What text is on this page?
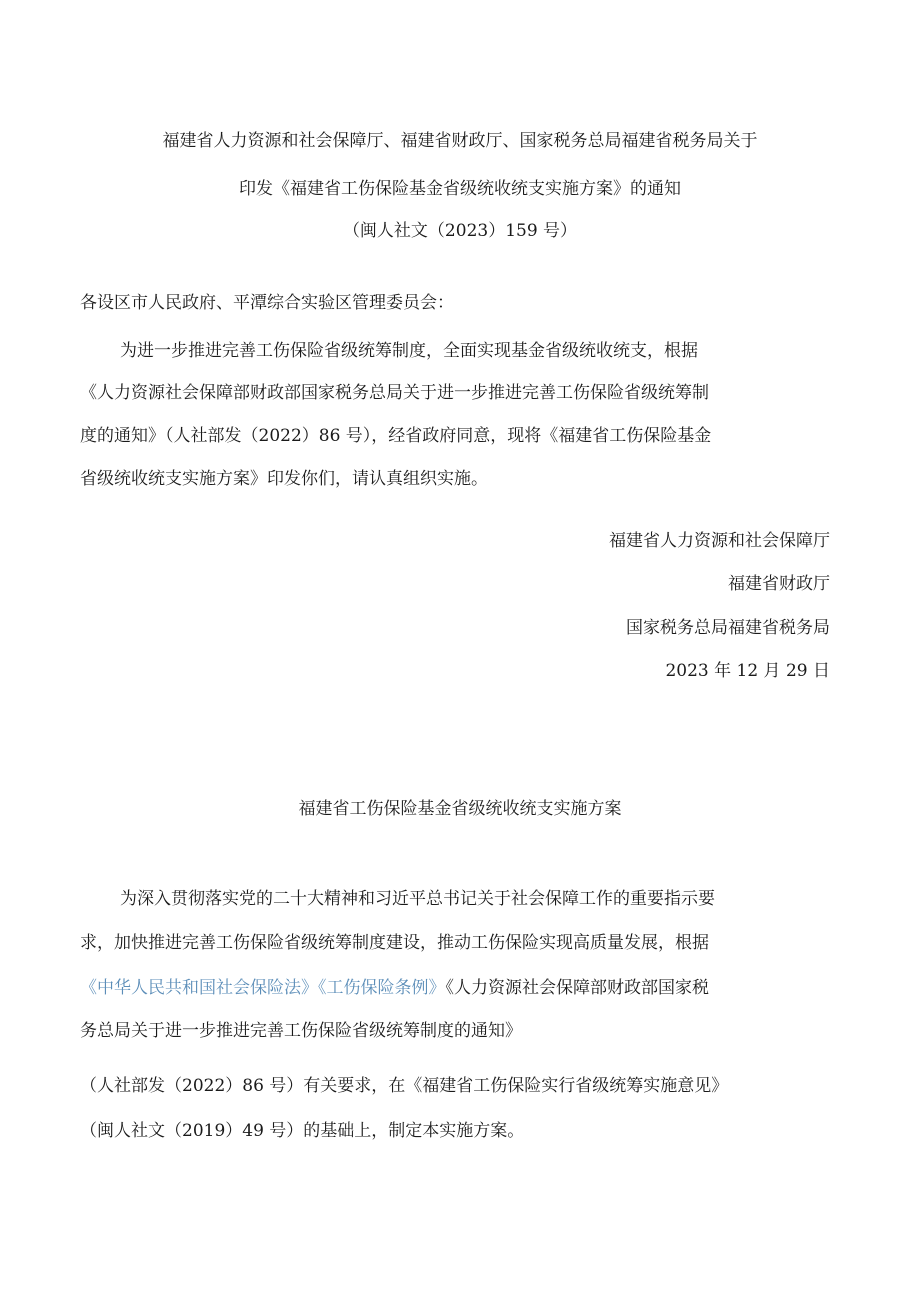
福建省人力资源和社会保障厅、福建省财政厅、国家税务总局福建省税务局关于
印发《福建省工伤保险基金省级统收统支实施方案》的通知
（闽人社文（2023）159 号）
各设区市人民政府、平潭综合实验区管理委员会：
为进一步推进完善工伤保险省级统筹制度，全面实现基金省级统收统支，根据
《人力资源社会保障部财政部国家税务总局关于进一步推进完善工伤保险省级统筹制
度的通知》（人社部发（2022）86 号），经省政府同意，现将《福建省工伤保险基金
省级统收统支实施方案》印发你们，请认真组织实施。
福建省人力资源和社会保障厅
福建省财政厅
国家税务总局福建省税务局
2023 年 12 月 29 日
福建省工伤保险基金省级统收统支实施方案
为深入贯彻落实党的二十大精神和习近平总书记关于社会保障工作的重要指示要
求，加快推进完善工伤保险省级统筹制度建设，推动工伤保险实现高质量发展，根据
《中华人民共和国社会保险法》《工伤保险条例》《人力资源社会保障部财政部国家税
务总局关于进一步推进完善工伤保险省级统筹制度的通知》
（人社部发（2022）86 号）有关要求，在《福建省工伤保险实行省级统筹实施意见》
（闽人社文（2019）49 号）的基础上，制定本实施方案。
